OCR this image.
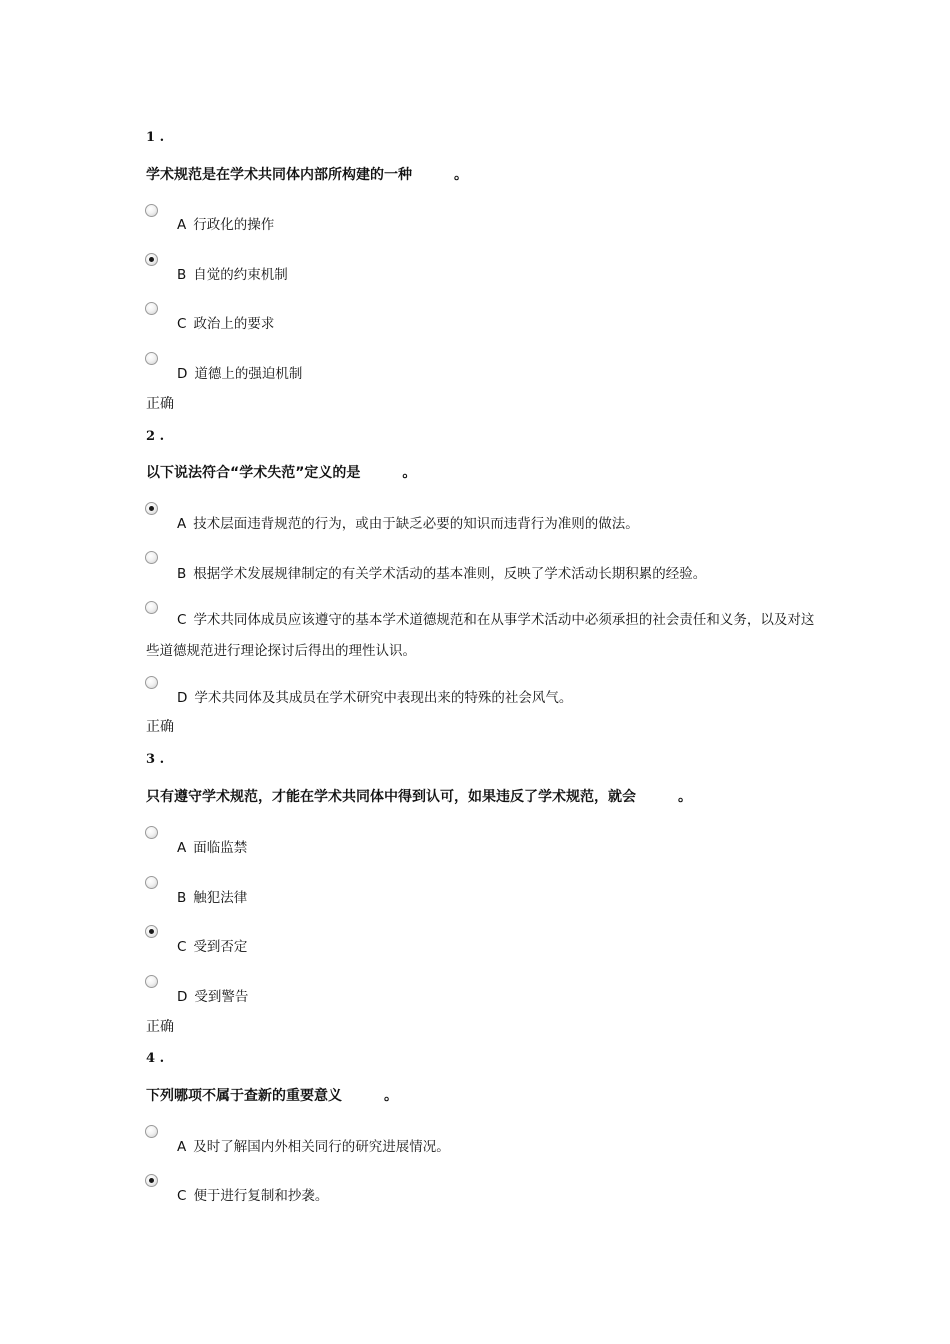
1 .
学术规范是在学术共同体内部所构建的一种	。
A 行政化的操作
B 自觉的约束机制
C 政治上的要求
D 道德上的强迫机制
正确
2 .
以下说法符合“学术失范”定义的是	。
A 技术层面违背规范的行为，或由于缺乏必要的知识而违背行为准则的做法。
B 根据学术发展规律制定的有关学术活动的基本准则，反映了学术活动长期积累的经验。
C 学术共同体成员应该遵守的基本学术道德规范和在从事学术活动中必须承担的社会责任和义务，以及对这些道德规范进行理论探讨后得出的理性认识。
D 学术共同体及其成员在学术研究中表现出来的特殊的社会风气。
正确
3 .
只有遵守学术规范，才能在学术共同体中得到认可，如果违反了学术规范，就会	。
A 面临监禁
B 触犯法律
C 受到否定
D 受到警告
正确
4 .
下列哪项不属于查新的重要意义	。
A 及时了解国内外相关同行的研究进展情况。
C 便于进行复制和抄袭。
